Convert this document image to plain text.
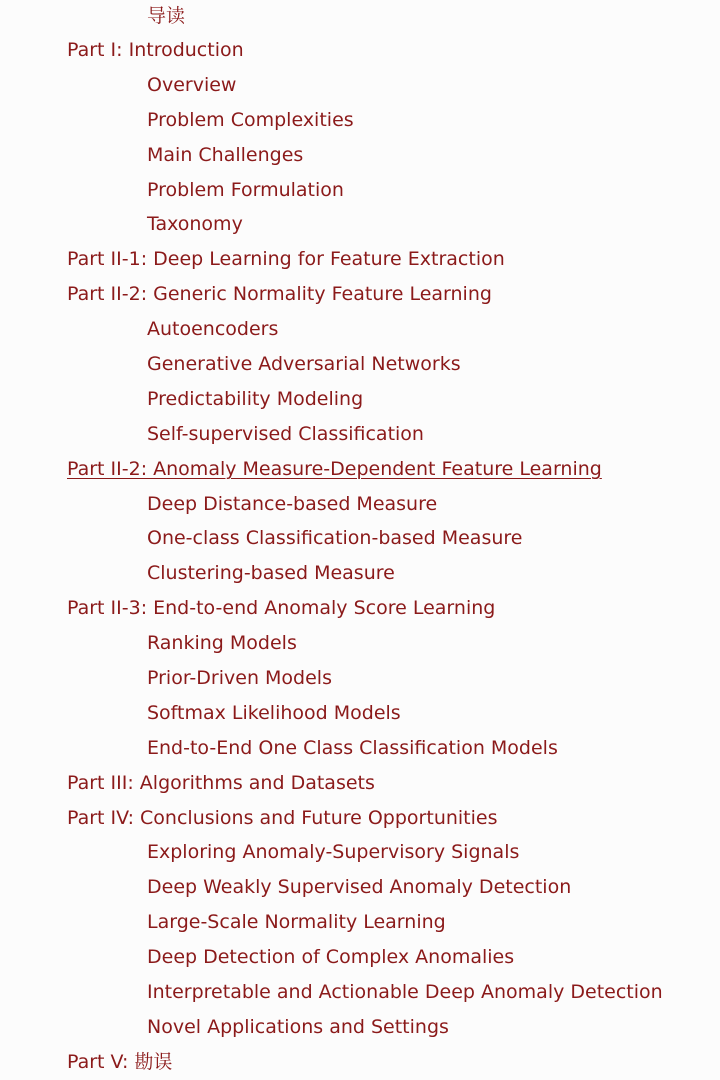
导读
Part I: Introduction
Overview
Problem Complexities
Main Challenges
Problem Formulation
Taxonomy
Part II-1: Deep Learning for Feature Extraction
Part II-2: Generic Normality Feature Learning
Autoencoders
Generative Adversarial Networks
Predictability Modeling
Self-supervised Classification
Part II-2: Anomaly Measure-Dependent Feature Learning
Deep Distance-based Measure
One-class Classification-based Measure
Clustering-based Measure
Part II-3: End-to-end Anomaly Score Learning
Ranking Models
Prior-Driven Models
Softmax Likelihood Models
End-to-End One Class Classification Models
Part III: Algorithms and Datasets
Part IV: Conclusions and Future Opportunities
Exploring Anomaly-Supervisory Signals
Deep Weakly Supervised Anomaly Detection
Large-Scale Normality Learning
Deep Detection of Complex Anomalies
Interpretable and Actionable Deep Anomaly Detection
Novel Applications and Settings
Part V: 勘误
